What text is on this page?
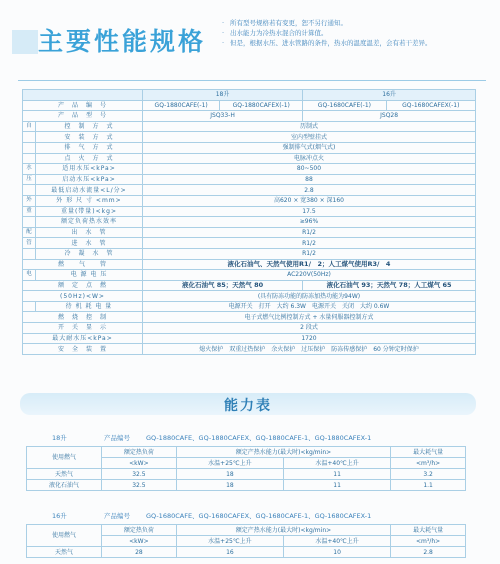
主要性能规格
· 所有型号规格若有变更，恕不另行通知。
· 出水能力为冷热水混合的计算值。
· 但是，根据水压、进水管路的条件，热水的温度温差，会有若干差异。
		18升		16升	
产　品　编　号		GQ-1880CAFE(-1)	GQ-1880CAFEX(-1)	GQ-1680CAFE(-1)	GQ-1680CAFEX(-1)
产　品　型　号		JSQ33-H		JSQ28	
自	控　制　方　式	历制式			
	安　装　方　式	室内型壁挂式			
	排　气　方　式	强制排气式(烟气式)			
	点　火　方　式	电脉冲点火			
水	适用水压<kPa>	80~500			
压	启动水压<kPa>	88			
	最低启动水流量<L/分>	2.8			
外	外 形 尺 寸 <mm>	高620 × 宽380 × 深160			
重	重量(带量)<kg>	17.5			
	额定负荷热水效率	≥96%			
配	出　水　管	R1/2			
管	进　水　管	R1/2			
	冷　凝　水　管	R1/2			
燃　　气　　管		液化石油气、天然气使用R1/　2；人工煤气使用R3/　4			
电	电 源 电 压	AC220V(50Hz)			
额　定　点　燃		液化石油气 85；天然气 80		液化石油气 93；天然气 78；人工煤气 65	
(50Hz)<W>		(具有防冻功能的防冻加热功能为94W)			
	待 机 耗 电 量	电源开关　打开　大约 6.3W　电源开关　关闭　大约 0.6W			
燃　烧　控　制		电子式燃气比例控制方式 + 水量伺服器控制方式			
开　关　显　示		2 段式			
最大耐水压<kPa>		1720			
安　全　装　置		熄火保护　双重过热保护　余火保护　过压保护　防冻传感保护　60 分钟定时保护			
能力表
18升	产品编号 GQ-1880CAFE、GQ-1880CAFEX、GQ-1880CAFE-1、GQ-1880CAFEX-1
使用燃气	额定热负荷	额定产热水能力(最大时)<kg/min>		最大耗气量
	<kW>	水温+25℃上升	水温+40℃上升	<m³/h>
天然气	32.5	18	11	3.2
液化石油气	32.5	18	11	1.1
16升	产品编号 GQ-1680CAFE、GQ-1680CAFEX、GQ-1680CAFE-1、GQ-1680CAFEX-1
使用燃气	额定热负荷	额定产热水能力(最大时)<kg/min>		最大耗气量
	<kW>	水温+25℃上升	水温+40℃上升	<m³/h>
天然气	28	16	10	2.8
